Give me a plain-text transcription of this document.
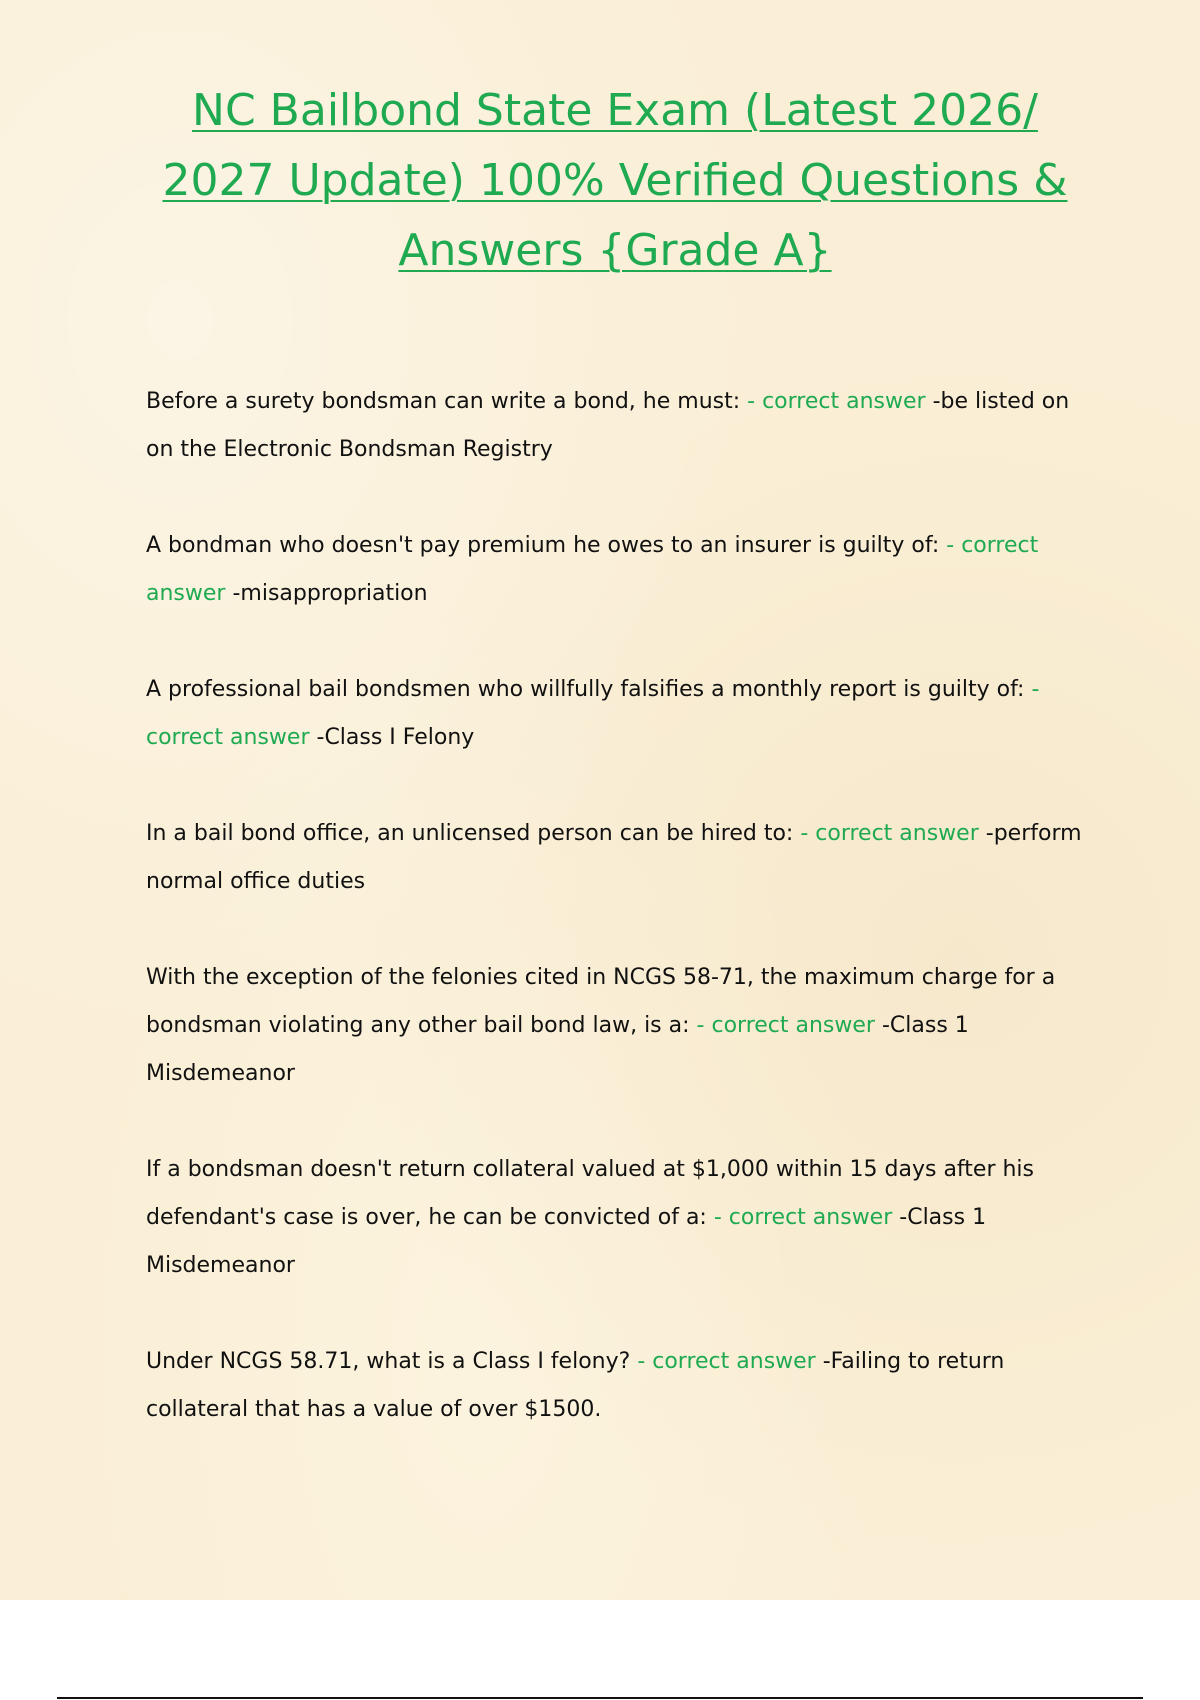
NC Bailbond State Exam (Latest 2026/ 2027 Update) 100% Verified Questions & Answers {Grade A}

Before a surety bondsman can write a bond, he must: - correct answer -be listed on on the Electronic Bondsman Registry

A bondman who doesn't pay premium he owes to an insurer is guilty of: - correct answer -misappropriation

A professional bail bondsmen who willfully falsifies a monthly report is guilty of: - correct answer -Class I Felony

In a bail bond office, an unlicensed person can be hired to: - correct answer -perform normal office duties

With the exception of the felonies cited in NCGS 58-71, the maximum charge for a bondsman violating any other bail bond law, is a: - correct answer -Class 1 Misdemeanor

If a bondsman doesn't return collateral valued at $1,000 within 15 days after his defendant's case is over, he can be convicted of a: - correct answer -Class 1 Misdemeanor

Under NCGS 58.71, what is a Class I felony? - correct answer -Failing to return collateral that has a value of over $1500.
